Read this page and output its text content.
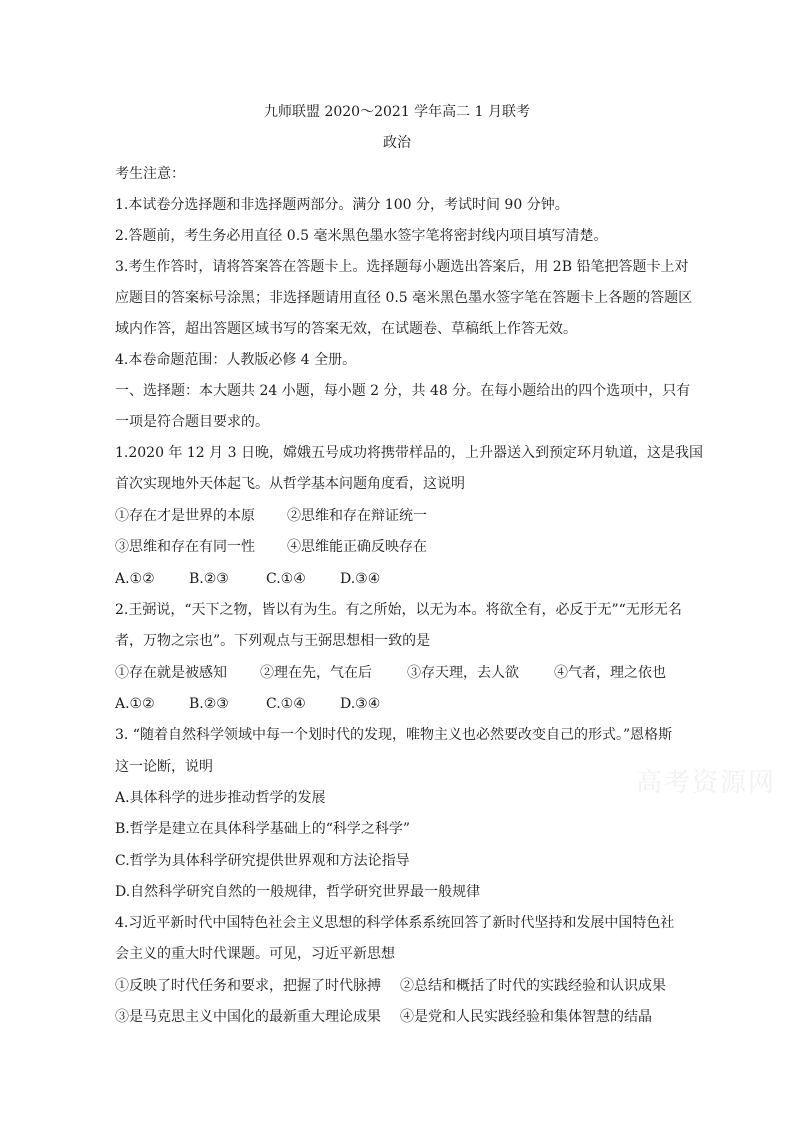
高考资源网
九师联盟 2020～2021 学年高二 1 月联考
政治
考生注意：
1.本试卷分选择题和非选择题两部分。满分 100 分，考试时间 90 分钟。
2.答题前，考生务必用直径 0.5 毫米黑色墨水签字笔将密封线内项目填写清楚。
3.考生作答时，请将答案答在答题卡上。选择题每小题选出答案后，用 2B 铅笔把答题卡上对
应题目的答案标号涂黑；非选择题请用直径 0.5 毫米黑色墨水签字笔在答题卡上各题的答题区
域内作答，超出答题区域书写的答案无效，在试题卷、草稿纸上作答无效。
4.本卷命题范围：人教版必修 4 全册。
一、选择题：本大题共 24 小题，每小题 2 分，共 48 分。在每小题给出的四个选项中，只有
一项是符合题目要求的。
1.2020 年 12 月 3 日晚，嫦娥五号成功将携带样品的，上升器送入到预定环月轨道，这是我国
首次实现地外天体起飞。从哲学基本问题角度看，这说明
①存在才是世界的本原 ②思维和存在辩证统一
③思维和存在有同一性 ④思维能正确反映存在
A.①② B.②③	C.①④ D.③④
2.王弼说，“天下之物，皆以有为生。有之所始，以无为本。将欲全有，必反于无”“无形无名
者，万物之宗也”。下列观点与王弼思想相一致的是
①存在就是被感知 ②理在先，气在后	③存天理，去人欲	④气者，理之依也
A.①② B.②③	C.①④ D.③④
3. “随着自然科学领域中每一个划时代的发现，唯物主义也必然要改变自己的形式。”恩格斯
这一论断，说明
A.具体科学的进步推动哲学的发展
B.哲学是建立在具体科学基础上的“科学之科学”
C.哲学为具体科学研究提供世界观和方法论指导
D.自然科学研究自然的一般规律，哲学研究世界最一般规律
4.习近平新时代中国特色社会主义思想的科学体系系统回答了新时代坚持和发展中国特色社
会主义的重大时代课题。可见，习近平新思想
①反映了时代任务和要求，把握了时代脉搏 ②总结和概括了时代的实践经验和认识成果
③是马克思主义中国化的最新重大理论成果 ④是党和人民实践经验和集体智慧的结晶
